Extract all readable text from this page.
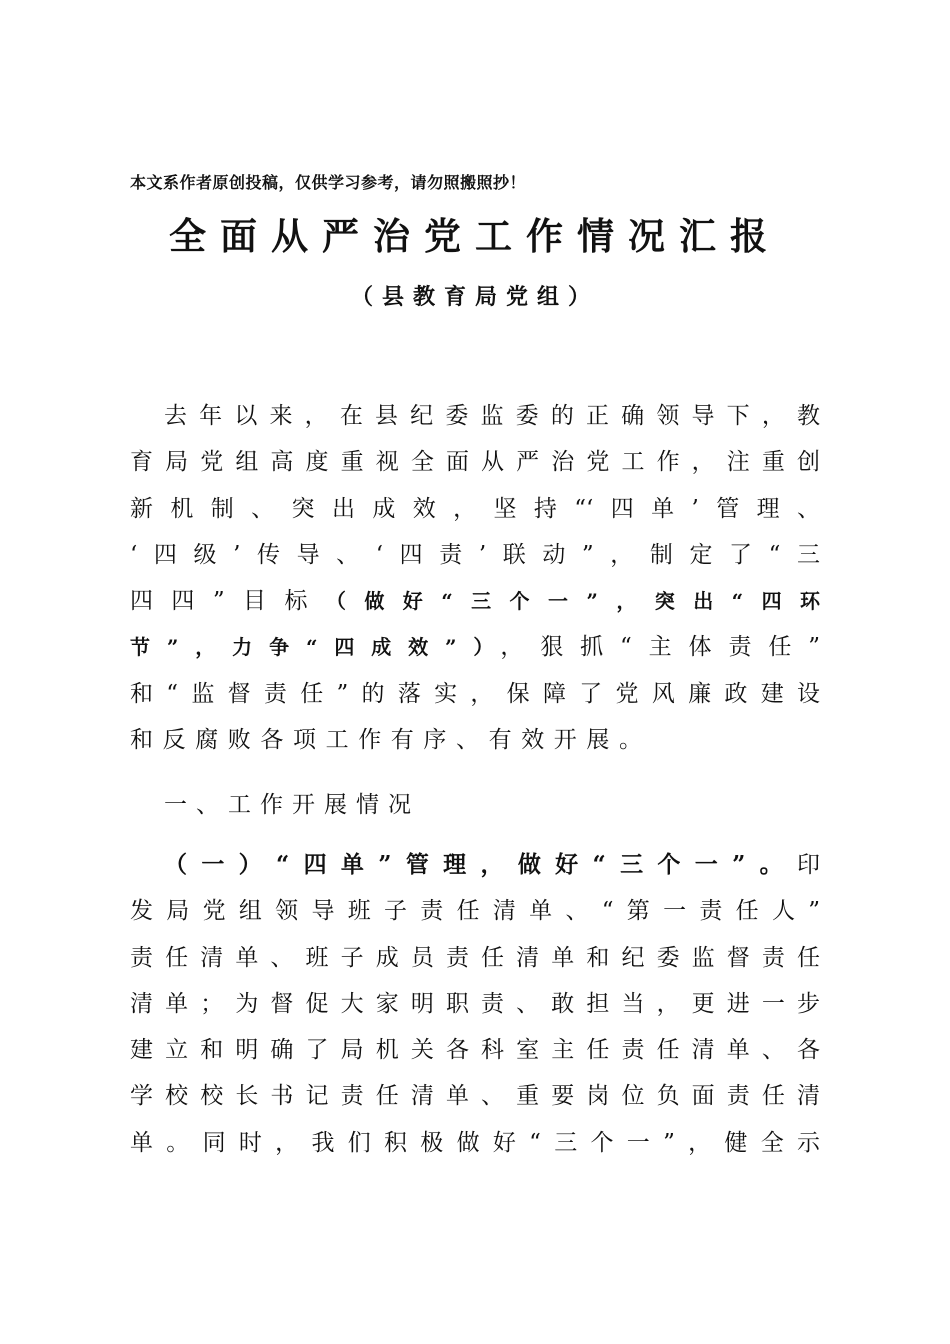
本文系作者原创投稿，仅供学习参考，请勿照搬照抄！
全面从严治党工作情况汇报
（县教育局党组）
去年以来，在县纪委监委的正确领导下，教
育局党组高度重视全面从严治党工作，注重创
新机制、突出成效，坚持“‘四单’管理、
‘四级’传导、‘四责’联动”，制定了“三
四四”目标（做好“三个一”，突出“四环
节”，力争“四成效”），狠抓“主体责任”
和“监督责任”的落实，保障了党风廉政建设
和反腐败各项工作有序、有效开展。
一、工作开展情况
（一）“四单”管理，做好“三个一”。印
发局党组领导班子责任清单、“第一责任人”
责任清单、班子成员责任清单和纪委监督责任
清单；为督促大家明职责、敢担当，更进一步
建立和明确了局机关各科室主任责任清单、各
学校校长书记责任清单、重要岗位负面责任清
单。同时，我们积极做好“三个一”，健全示
